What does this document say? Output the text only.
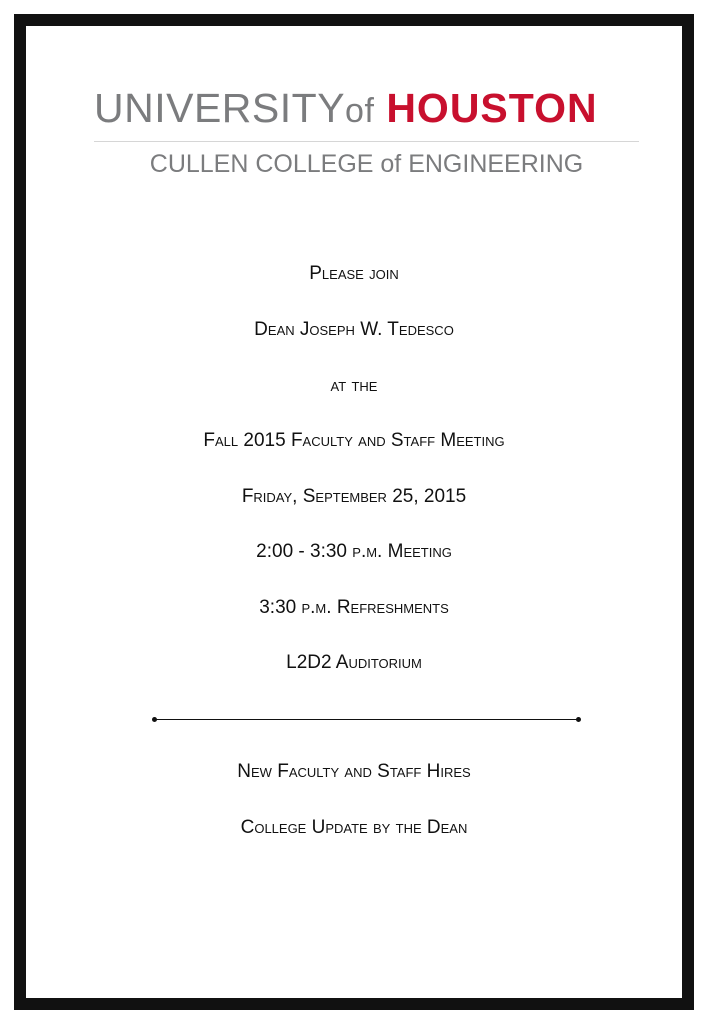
UNIVERSITYof HOUSTON
CULLEN COLLEGE of ENGINEERING
Please join
Dean Joseph W. Tedesco
at the
Fall 2015 Faculty and Staff Meeting
Friday, September 25, 2015
2:00 - 3:30 p.m. Meeting
3:30 p.m. Refreshments
L2D2 Auditorium
New Faculty and Staff Hires
College Update by the Dean
